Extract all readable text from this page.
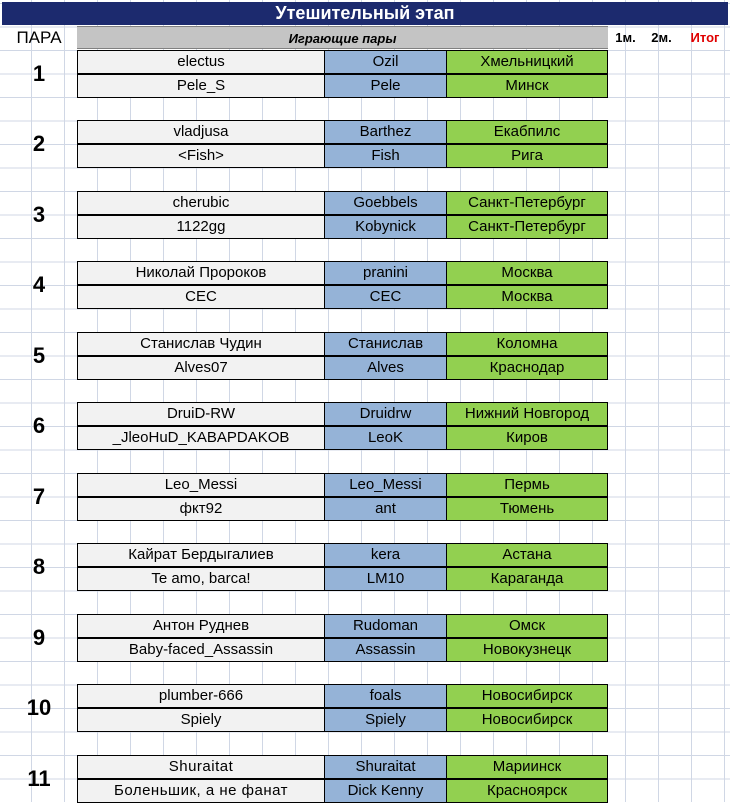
Утешительный этап
ПАРА	Играющие пары	1м.	2м.	Итог
1	electus	Ozil	Хмельницкий
Pele_S	Pele	Минск
2	vladjusa	Barthez	Екабпилс
<Fish>	Fish	Рига
3	cherubic	Goebbels	Санкт-Петербург
1122gg	Kobynick	Санкт-Петербург
4	Николай Пророков	pranini	Москва
CEC	CEC	Москва
5	Станислав Чудин	Станислав	Коломна
Alves07	Alves	Краснодар
6	DruiD-RW	Druidrw	Нижний Новгород
_JleoHuD_KABAPDAKOB	LeoK	Киров
7	Leo_Messi	Leo_Messi	Пермь
фкт92	ant	Тюмень
8	Кайрат Бердыгалиев	kera	Астана
Te amo, barca!	LM10	Караганда
9	Антон Руднев	Rudoman	Омск
Baby-faced_Assassin	Assassin	Новокузнецк
10	plumber-666	foals	Новосибирск
Spiely	Spiely	Новосибирск
11	Shuraitat	Shuraitat	Мариинск
Боленьшик, а не фанат	Dick Kenny	Красноярск
